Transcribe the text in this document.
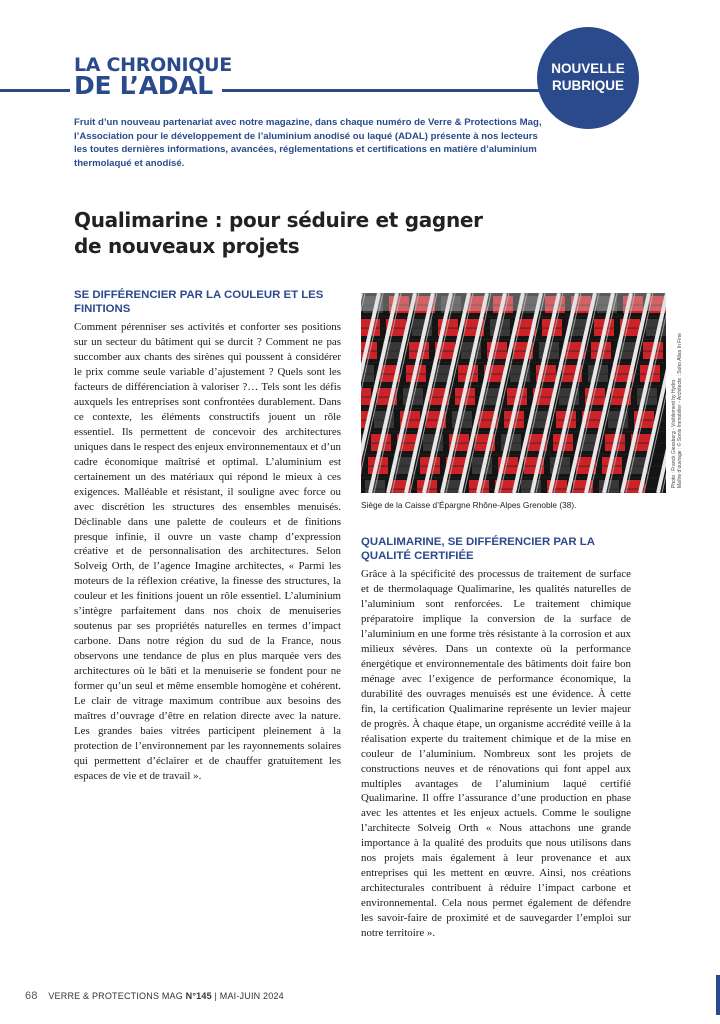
LA CHRONIQUE
DE L’ADAL
NOUVELLE
RUBRIQUE

Fruit d’un nouveau partenariat avec notre magazine, dans chaque numéro de Verre & Protections Mag, l’Association pour le développement de l’aluminium anodisé ou laqué (ADAL) présente à nos lecteurs les toutes dernières informations, avancées, réglementations et certifications en matière d’aluminium thermolaqué et anodisé.

Qualimarine : pour séduire et gagner de nouveaux projets
SE DIFFÉRENCIER PAR LA COULEUR ET LES FINITIONS

Comment pérenniser ses activités et conforter ses positions sur un secteur du bâtiment qui se durcit ? Comment ne pas succomber aux chants des sirènes qui poussent à considérer le prix comme seule variable d’ajustement ? Quels sont les facteurs de différenciation à valoriser ?… Tels sont les défis auxquels les entreprises sont confrontées durablement. Dans ce contexte, les éléments constructifs jouent un rôle essentiel. Ils permettent de concevoir des architectures uniques dans le respect des enjeux environnementaux et d’un cadre économique maîtrisé et optimal. L’aluminium est certainement un des matériaux qui répond le mieux à ces exigences. Malléable et résistant, il souligne avec force ou avec discrétion les structures des ensembles menuisés. Déclinable dans une palette de couleurs et de finitions presque infinie, il ouvre un vaste champ d’expression créative et de personnalisation des architectures. Selon Solveig Orth, de l’agence Imagine architectes, « Parmi les moteurs de la réflexion créative, la finesse des structures, la couleur et les finitions jouent un rôle essentiel. L’aluminium s’intègre parfaitement dans nos choix de menuiseries soutenus par ses propriétés naturelles en termes d’impact carbone. Dans notre région du sud de la France, nous observons une tendance de plus en plus marquée vers des architectures où le bâti et la menuiserie se fondent pour ne former qu’un seul et même ensemble homogène et cohérent. Le clair de vitrage maximum contribue aux besoins des maîtres d’ouvrage d’être en relation directe avec la nature. Les grandes baies vitrées participent pleinement à la protection de l’environnement par les rayonnements solaires qui permettent d’éclairer et de chauffer gratuitement les espaces de vie et de travail ».

Siège de la Caisse d’Épargne Rhône-Alpes Grenoble (38).
Photo : Franck Giessberg - Visiblement by Hydro Maître d’ouvrage : © Sonis Immobilier - Architecte : Soho Atlas In Fine
QUALIMARINE, SE DIFFÉRENCIER PAR LA QUALITÉ CERTIFIÉE

Grâce à la spécificité des processus de traitement de surface et de thermolaquage Qualimarine, les qualités naturelles de l’aluminium sont renforcées. Le traitement chimique préparatoire implique la conversion de la surface de l’aluminium en une forme très résistante à la corrosion et aux milieux sévères. Dans un contexte où la performance énergétique et environnementale des bâtiments doit faire bon ménage avec l’exigence de performance économique, la durabilité des ouvrages menuisés est une évidence. À cette fin, la certification Qualimarine représente un levier majeur de progrès. À chaque étape, un organisme accrédité veille à la réalisation experte du traitement chimique et de la mise en couleur de l’aluminium. Nombreux sont les projets de constructions neuves et de rénovations qui font appel aux multiples avantages de l’aluminium laqué certifié Qualimarine. Il offre l’assurance d’une production en phase avec les attentes et les enjeux actuels. Comme le souligne l’architecte Solveig Orth « Nous attachons une grande importance à la qualité des produits que nous utilisons dans nos projets mais également à leur provenance et aux entreprises qui les mettent en œuvre. Ainsi, nos créations architecturales contribuent à réduire l’impact carbone et environnemental. Cela nous permet également de défendre les savoir-faire de proximité et de sauvegarder l’emploi sur notre territoire ».

68 VERRE & PROTECTIONS MAG N°145 | MAI-JUIN 2024
